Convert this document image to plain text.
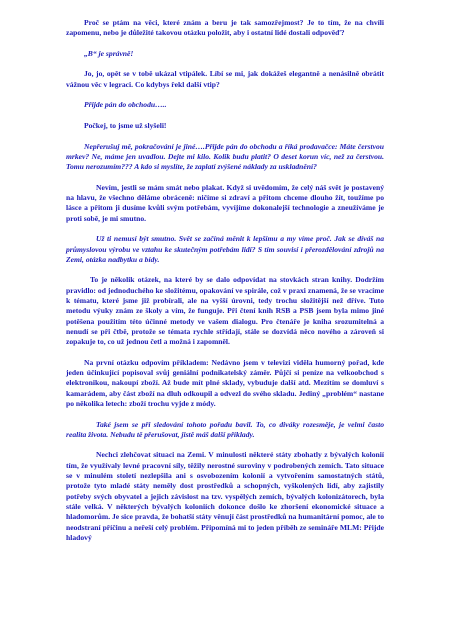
Proč se ptám na věci, které znám a beru je tak samozřejmost? Je to tím, že na chvíli zapomenu, nebo je důležité takovou otázku položit, aby i ostatní lidé dostali odpověď?

„B“ je správně!

Jo, jo, opět se v tobě ukázal vtipálek. Líbí se mi, jak dokážeš elegantně a nenásilně obrátit vážnou věc v legraci. Co kdybys řekl další vtip?

Přijde pán do obchodu…..

Počkej, to jsme už slyšeli!

Nepřerušuj mě, pokračování je jiné….Přijde pán do obchodu a říká prodavačce: Máte čerstvou mrkev? Ne, máme jen uvadlou. Dejte mi kilo. Kolik budu platit? O deset korun víc, než za čerstvou. Tomu nerozumím??? A kdo si myslíte, že zaplatí zvýšené náklady za uskladnění?

Nevím, jestli se mám smát nebo plakat. Když si uvědomím, že celý náš svět je postavený na hlavu, že všechno děláme obráceně: ničíme si zdraví a přitom chceme dlouho žít, toužíme po lásce a přitom ji dusíme kvůli svým potřebám, vyvíjíme dokonalejší technologie a zneužíváme je proti sobě, je mi smutno.

Už ti nemusí být smutno. Svět se začíná měnit k lepšímu a my víme proč. Jak se díváš na průmyslovou výrobu ve vztahu ke skutečným potřebám lidí? S tím souvisí i přerozdělování zdrojů na Zemi, otázka nadbytku a bídy.

To je několik otázek, na které by se dalo odpovídat na stovkách stran knihy. Dodržím pravidlo: od jednoduchého ke složitému, opakování ve spirále, což v praxi znamená, že se vracíme k tématu, které jsme již probírali, ale na vyšší úrovni, tedy trochu složitější než dříve. Tuto metodu výuky znám ze školy a vím, že funguje. Při čtení knih RSB a PSB jsem byla mimo jiné potěšena použitím této účinné metody ve vašem dialogu. Pro čtenáře je kniha srozumitelná a nenudí se při čtbě, protože se témata rychle střídají, stále se dozvídá něco nového a zároveň si zopakuje to, co už jednou četl a možná i zapomněl.

Na první otázku odpovím příkladem: Nedávno jsem v televizi viděla humorný pořad, kde jeden účinkující popisoval svůj geniální podnikatelský záměr. Půjčí si peníze na velkoobchod s elektronikou, nakoupí zboží. Až bude mít plné sklady, vybuduje další atd. Mezitím se domluví s kamarádem, aby část zboží na dluh odkoupil a odvezl do svého skladu. Jediný „problém“ nastane po několika letech: zboží trochu vyjde z módy.

Také jsem se při sledování tohoto pořadu bavil. To, co diváky rozesměje, je velmi často realita života. Nebudu tě přerušovat, jistě máš další příklady.

Nechci zlehčovat situaci na Zemi. V minulosti některé státy zbohatly z bývalých kolonií tím, že využívaly levné pracovní síly, těžily nerostné suroviny v podrobených zemích. Tato situace se v minulém století nezlepšila ani s osvobozením kolonií a vytvořením samostatných států, protože tyto mladé státy neměly dost prostředků a schopných, vyškolených lidí, aby zajistily potřeby svých obyvatel a jejich závislost na tzv. vyspělých zemích, bývalých kolonizátorech, byla stále velká. V některých bývalých koloniích dokonce došlo ke zhoršení ekonomické situace a hladomorům. Je sice pravda, že bohatší státy věnují část prostředků na humanitární pomoc, ale to neodstraní příčinu a neřeší celý problém. Připomíná mi to jeden příběh ze semináře MLM: Přijde hladový
